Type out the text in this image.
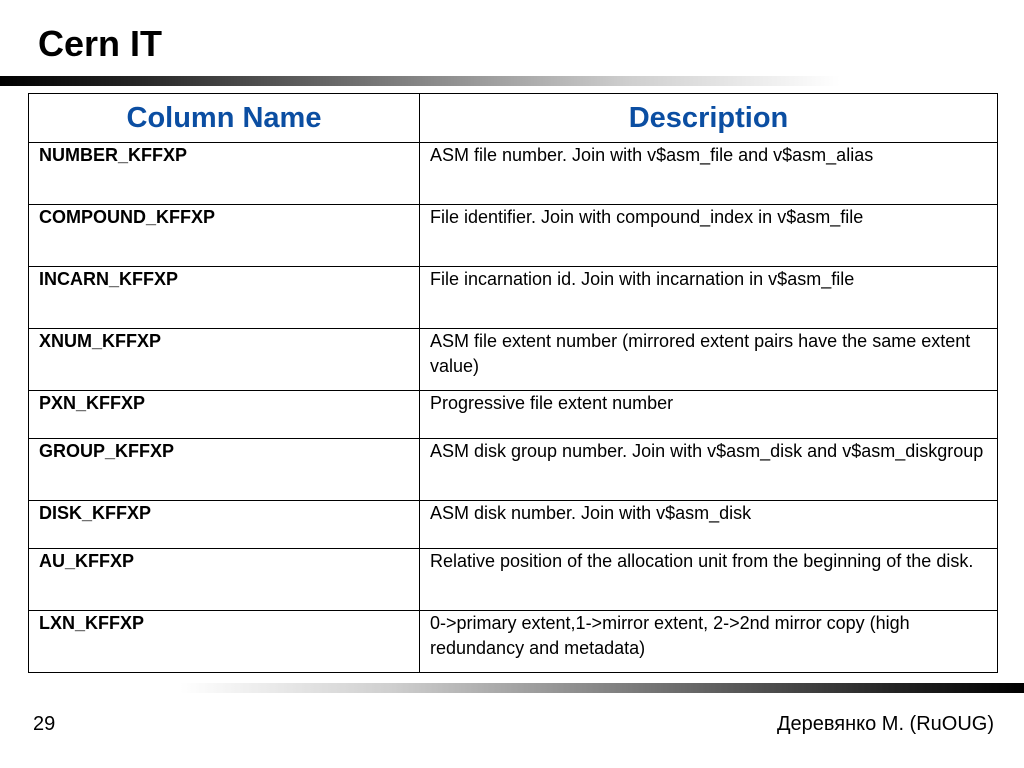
Cern IT
Column Name	Description
NUMBER_KFFXP	ASM file number. Join with v$asm_file and v$asm_alias
COMPOUND_KFFXP	File identifier. Join with compound_index in v$asm_file
INCARN_KFFXP	File incarnation id. Join with incarnation in v$asm_file
XNUM_KFFXP	ASM file extent number (mirrored extent pairs have the same extent value)
PXN_KFFXP	Progressive file extent number
GROUP_KFFXP	ASM disk group number. Join with v$asm_disk and v$asm_diskgroup
DISK_KFFXP	ASM disk number. Join with v$asm_disk
AU_KFFXP	Relative position of the allocation unit from the beginning of the disk.
LXN_KFFXP	0->primary extent,1->mirror extent, 2->2nd mirror copy (high redundancy and metadata)
29	Деревянко М. (RuOUG)
